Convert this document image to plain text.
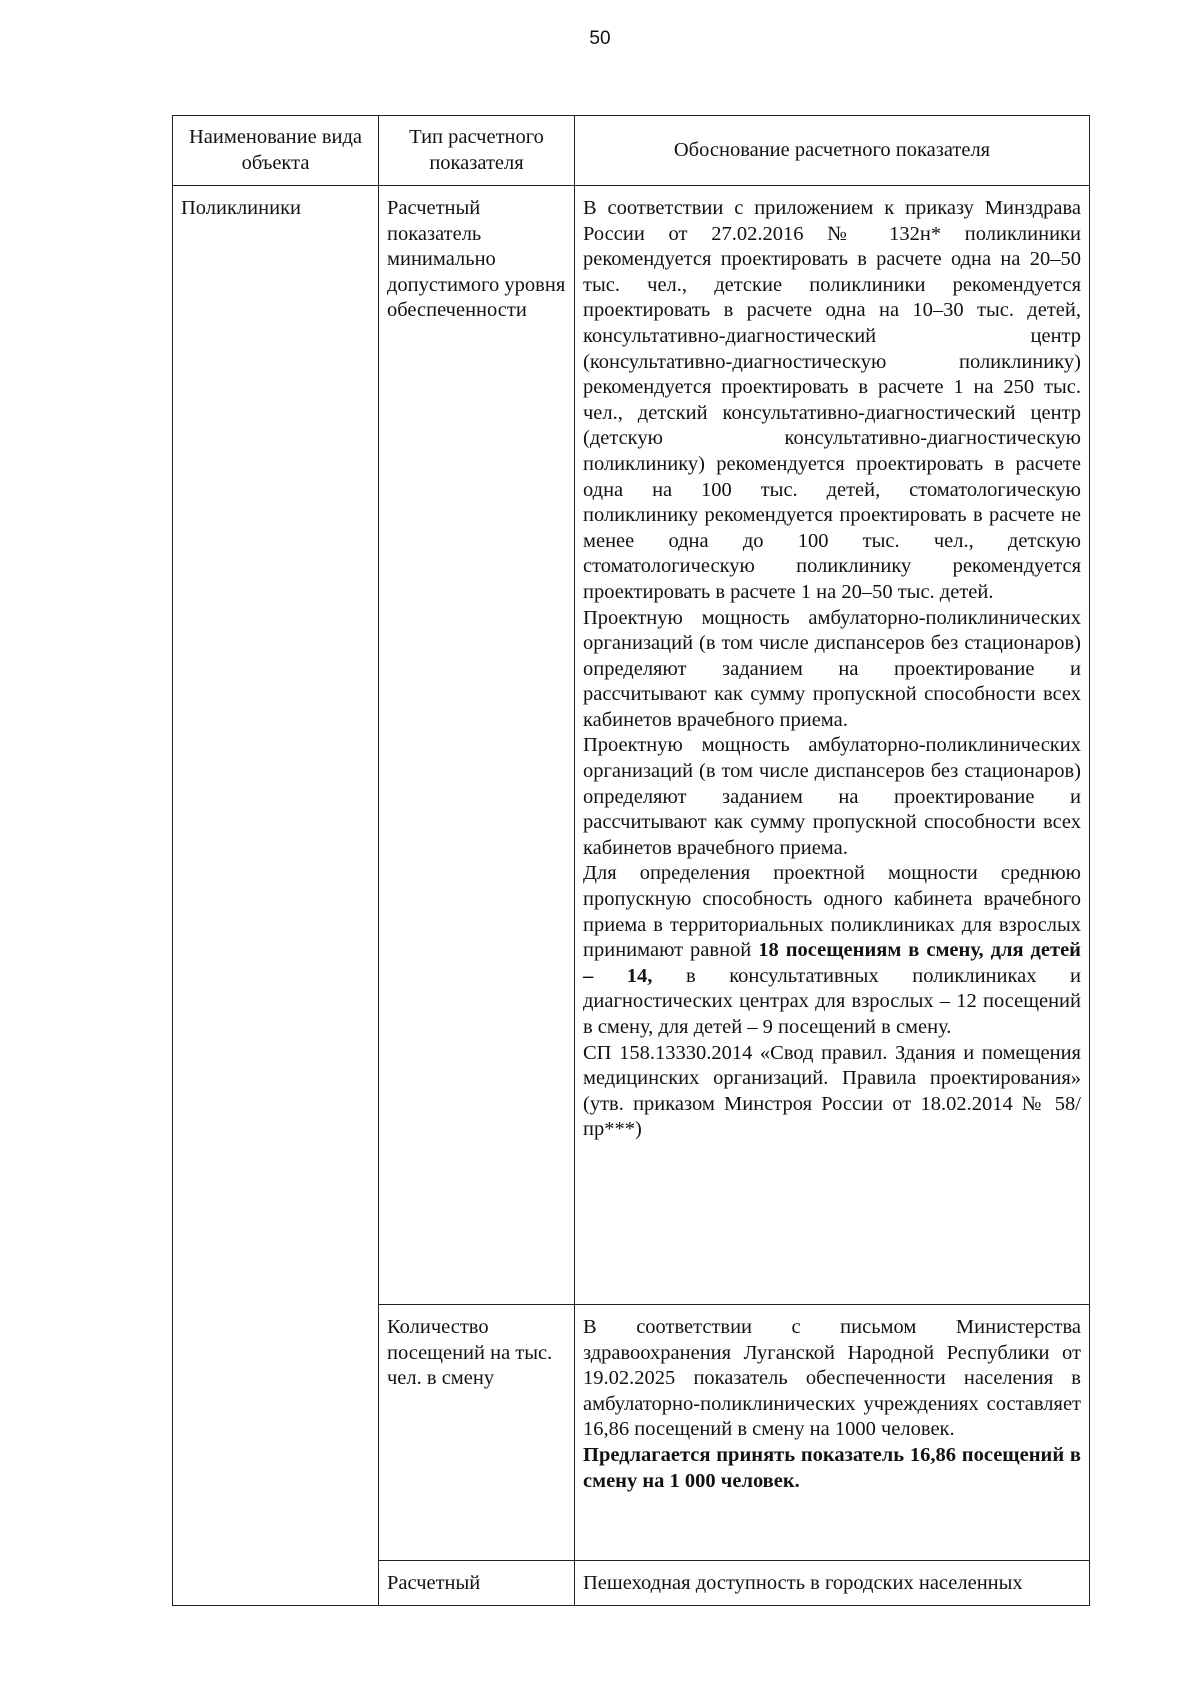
50
Наименование вида объекта	Тип расчетного показателя	Обоснование расчетного показателя
Поликлиники	Расчетный показатель минимально допустимого уровня обеспеченности	В соответствии с приложением к приказу Минздрава России от 27.02.2016 № 132н* поликлиники рекомендуется проектировать в расчете одна на 20–50 тыс. чел., детские поликлиники рекомендуется проектировать в расчете одна на 10–30 тыс. детей, консультативно-диагностический центр (консультативно-диагностическую поликлинику) рекомендуется проектировать в расчете 1 на 250 тыс. чел., детский консультативно-диагностический центр (детскую консультативно-диагностическую поликлинику) рекомендуется проектировать в расчете одна на 100 тыс. детей, стоматологическую поликлинику рекомендуется проектировать в расчете не менее одна до 100 тыс. чел., детскую стоматологическую поликлинику рекомендуется проектировать в расчете 1 на 20–50 тыс. детей.

Проектную мощность амбулаторно-поликлинических организаций (в том числе диспансеров без стационаров) определяют заданием на проектирование и рассчитывают как сумму пропускной способности всех кабинетов врачебного приема.

Проектную мощность амбулаторно-поликлинических организаций (в том числе диспансеров без стационаров) определяют заданием на проектирование и рассчитывают как сумму пропускной способности всех кабинетов врачебного приема.

Для определения проектной мощности среднюю пропускную способность одного кабинета врачебного приема в территориальных поликлиниках для взрослых принимают равной 18 посещениям в смену, для детей – 14, в консультативных поликлиниках и диагностических центрах для взрослых – 12 посещений в смену, для детей – 9 посещений в смену.

СП 158.13330.2014 «Свод правил. Здания и помещения медицинских организаций. Правила проектирования» (утв. приказом Минстроя России от 18.02.2014 № 58/пр***)

	Количество посещений на тыс. чел. в смену	В соответствии с письмом Министерства здравоохранения Луганской Народной Республики от 19.02.2025 показатель обеспеченности населения в амбулаторно-поликлинических учреждениях составляет 16,86 посещений в смену на 1000 человек.

Предлагается принять показатель 16,86 посещений в смену на 1 000 человек.

	Расчетный	Пешеходная доступность в городских населенных
